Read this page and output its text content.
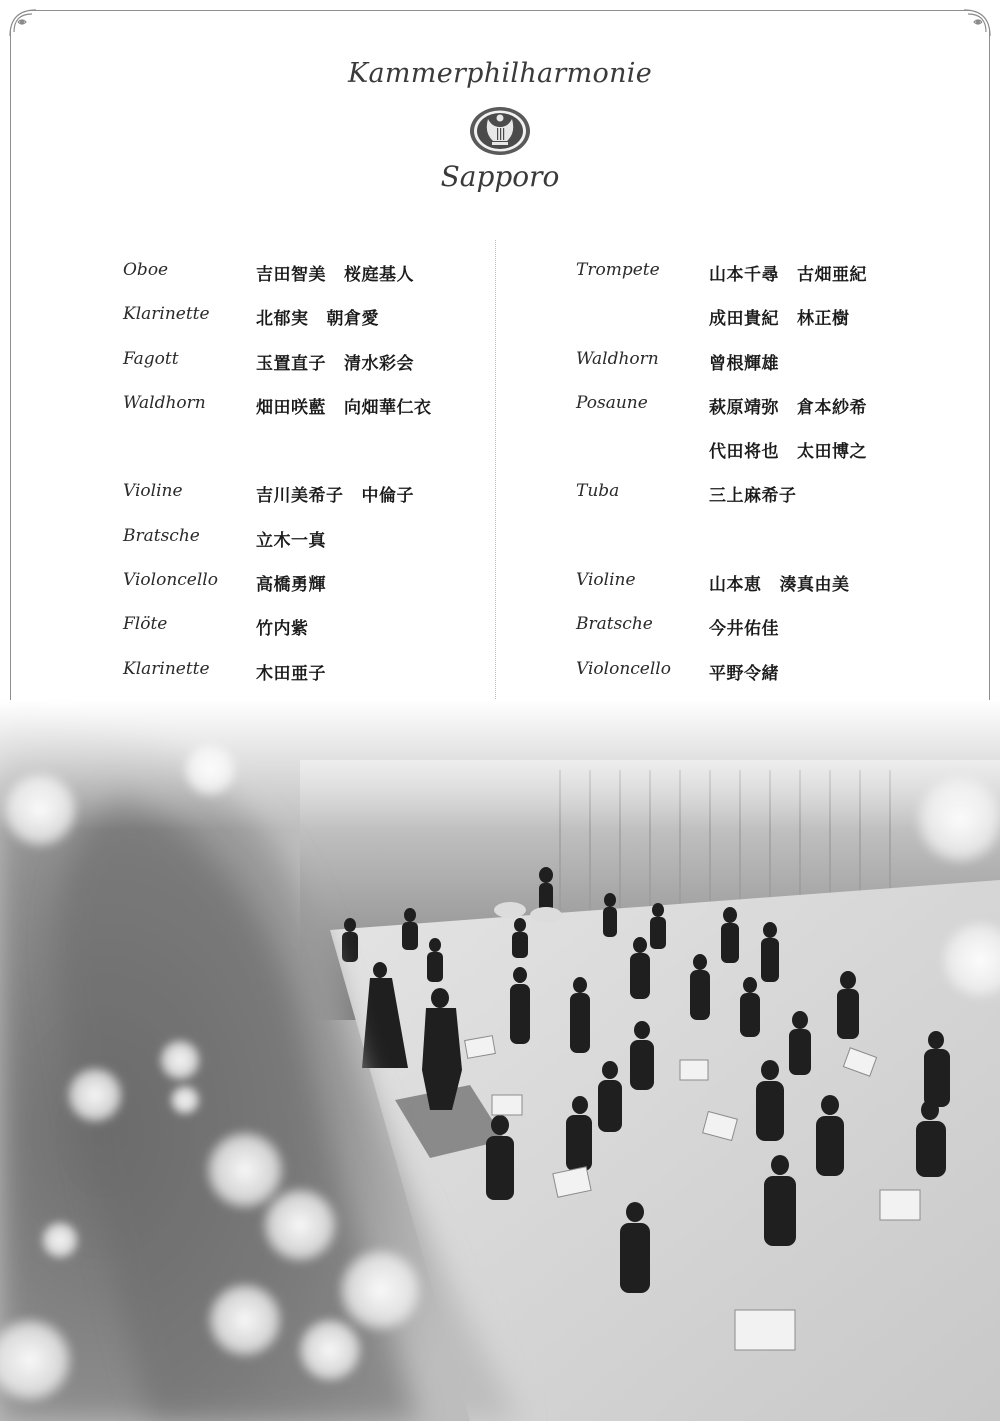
Kammerphilharmonie
Sapporo
Oboe	吉田智美 桜庭基人
Klarinette	北郁実 朝倉愛
Fagott	玉置直子 清水彩会
Waldhorn	畑田咲藍 向畑華仁衣
Violine	吉川美希子 中倫子
Bratsche	立木一真
Violoncello	高橋勇輝
Flöte	竹内紫
Klarinette	木田亜子
Trompete	山本千尋 古畑亜紀
成田貴紀 林正樹
Waldhorn	曾根輝雄
Posaune	萩原靖弥 倉本紗希
代田将也 太田博之
Tuba	三上麻希子
Violine	山本恵 湊真由美
Bratsche	今井佑佳
Violoncello	平野令緒
